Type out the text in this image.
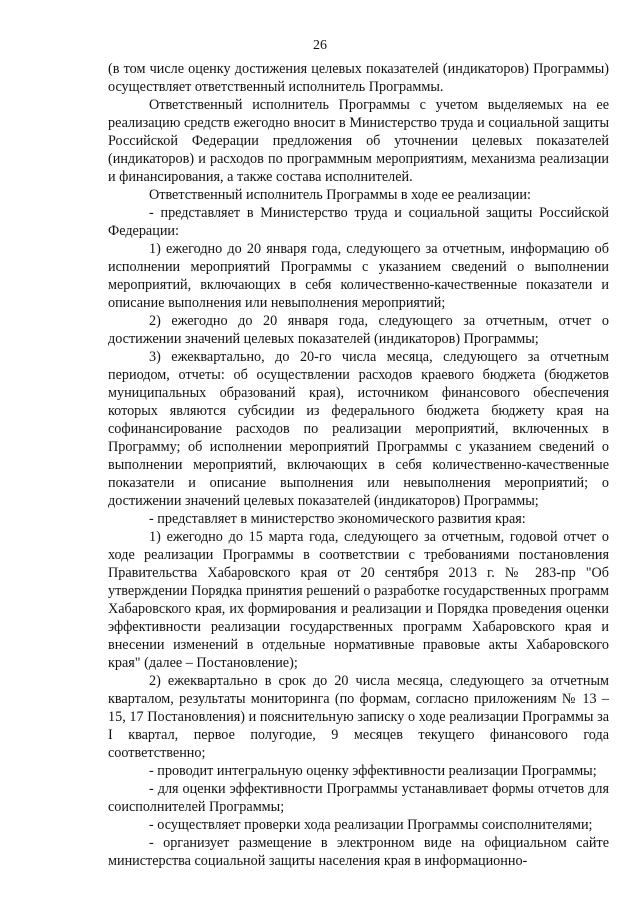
26

(в том числе оценку достижения целевых показателей (индикаторов) Программы) осуществляет ответственный исполнитель Программы.

Ответственный исполнитель Программы с учетом выделяемых на ее реализацию средств ежегодно вносит в Министерство труда и социальной защиты Российской Федерации предложения об уточнении целевых показателей (индикаторов) и расходов по программным мероприятиям, механизма реализации и финансирования, а также состава исполнителей.

Ответственный исполнитель Программы в ходе ее реализации:

- представляет в Министерство труда и социальной защиты Российской Федерации:

1) ежегодно до 20 января года, следующего за отчетным, информацию об исполнении мероприятий Программы с указанием сведений о выполнении мероприятий, включающих в себя количественно-качественные показатели и описание выполнения или невыполнения мероприятий;

2) ежегодно до 20 января года, следующего за отчетным, отчет о достижении значений целевых показателей (индикаторов) Программы;

3) ежеквартально, до 20-го числа месяца, следующего за отчетным периодом, отчеты: об осуществлении расходов краевого бюджета (бюджетов муниципальных образований края), источником финансового обеспечения которых являются субсидии из федерального бюджета бюджету края на софинансирование расходов по реализации мероприятий, включенных в Программу; об исполнении мероприятий Программы с указанием сведений о выполнении мероприятий, включающих в себя количественно-качественные показатели и описание выполнения или невыполнения мероприятий; о достижении значений целевых показателей (индикаторов) Программы;

- представляет в министерство экономического развития края:

1) ежегодно до 15 марта года, следующего за отчетным, годовой отчет о ходе реализации Программы в соответствии с требованиями постановления Правительства Хабаровского края от 20 сентября 2013 г. № 283-пр "Об утверждении Порядка принятия решений о разработке государственных программ Хабаровского края, их формирования и реализации и Порядка проведения оценки эффективности реализации государственных программ Хабаровского края и внесении изменений в отдельные нормативные правовые акты Хабаровского края" (далее – Постановление);

2) ежеквартально в срок до 20 числа месяца, следующего за отчетным кварталом, результаты мониторинга (по формам, согласно приложениям № 13 – 15, 17 Постановления) и пояснительную записку о ходе реализации Программы за I квартал, первое полугодие, 9 месяцев текущего финансового года соответственно;

- проводит интегральную оценку эффективности реализации Программы;

- для оценки эффективности Программы устанавливает формы отчетов для соисполнителей Программы;

- осуществляет проверки хода реализации Программы соисполнителями;

- организует размещение в электронном виде на официальном сайте министерства социальной защиты населения края в информационно-
